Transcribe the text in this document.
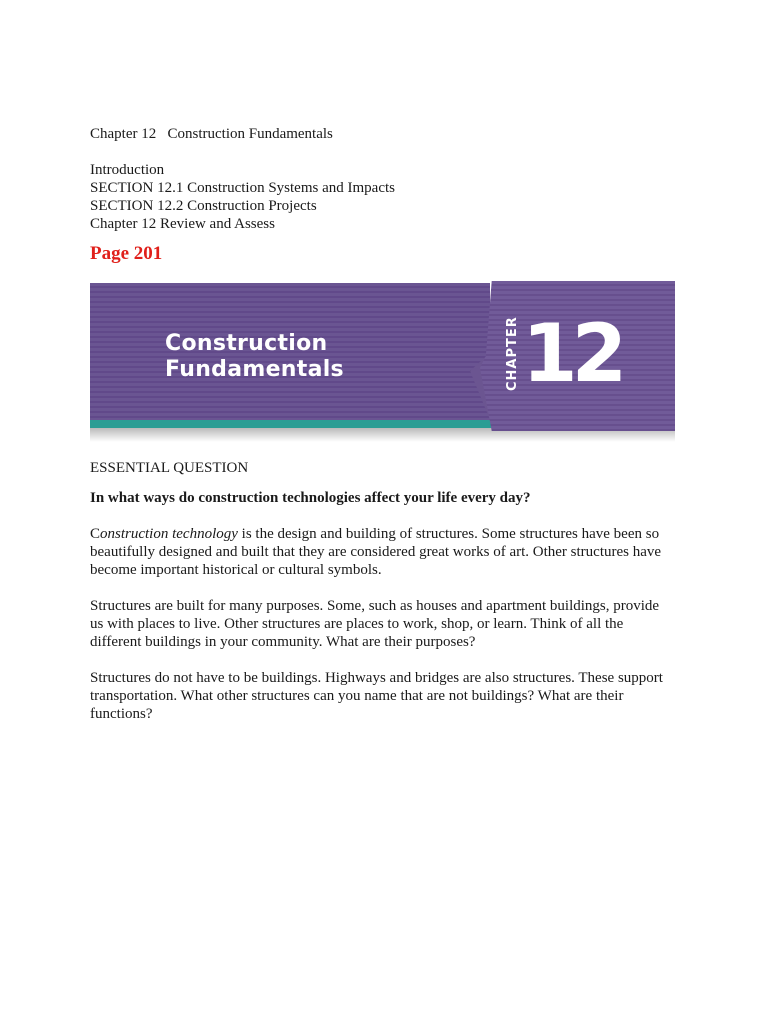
Chapter 12   Construction Fundamentals
Introduction
SECTION 12.1 Construction Systems and Impacts
SECTION 12.2 Construction Projects
Chapter 12 Review and Assess
Page 201
Construction
Fundamentals	CHAPTER 12
ESSENTIAL QUESTION
In what ways do construction technologies affect your life every day?

Construction technology is the design and building of structures. Some structures have been so
beautifully designed and built that they are considered great works of art. Other structures have
become important historical or cultural symbols.

Structures are built for many purposes. Some, such as houses and apartment buildings, provide
us with places to live. Other structures are places to work, shop, or learn. Think of all the
different buildings in your community. What are their purposes?

Structures do not have to be buildings. Highways and bridges are also structures. These support
transportation. What other structures can you name that are not buildings? What are their
functions?
